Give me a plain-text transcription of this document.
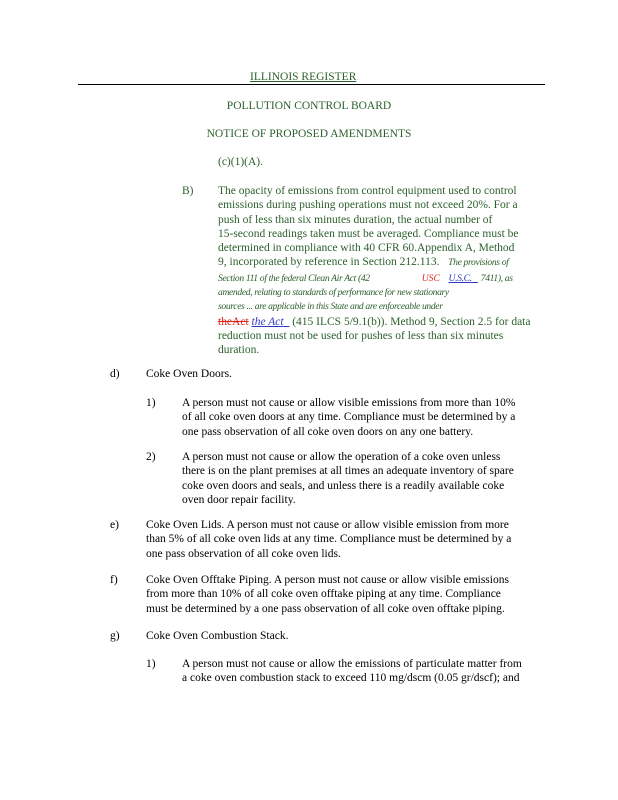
ILLINOIS REGISTER
POLLUTION CONTROL BOARD
NOTICE OF PROPOSED AMENDMENTS
(c)(1)(A).
B) The opacity of emissions from control equipment used to control

emissions during pushing operations must not exceed 20%. For a

push of less than six minutes duration, the actual number of

15-second readings taken must be averaged. Compliance must be

determined in compliance with 40 CFR 60.Appendix A, Method

9, incorporated by reference in Section 212.113. The provisions of

Section 111 of the federal Clean Air Act (42	USC U.S.C. 7411), as

amended, relating to standards of performance for new stationary

sources ... are applicable in this State and are enforceable under

theAct the Act (415 ILCS 5/9.1(b)). Method 9, Section 2.5 for data

reduction must not be used for pushes of less than six minutes

duration.

d) Coke Oven Doors.
1) A person must not cause or allow visible emissions from more than 10%

of all coke oven doors at any time. Compliance must be determined by a

one pass observation of all coke oven doors on any one battery.

2) A person must not cause or allow the operation of a coke oven unless

there is on the plant premises at all times an adequate inventory of spare

coke oven doors and seals, and unless there is a readily available coke

oven door repair facility.

e) Coke Oven Lids. A person must not cause or allow visible emission from more

than 5% of all coke oven lids at any time. Compliance must be determined by a

one pass observation of all coke oven lids.

f) Coke Oven Offtake Piping. A person must not cause or allow visible emissions

from more than 10% of all coke oven offtake piping at any time. Compliance

must be determined by a one pass observation of all coke oven offtake piping.

g) Coke Oven Combustion Stack.
1) A person must not cause or allow the emissions of particulate matter from

a coke oven combustion stack to exceed 110 mg/dscm (0.05 gr/dscf); and
